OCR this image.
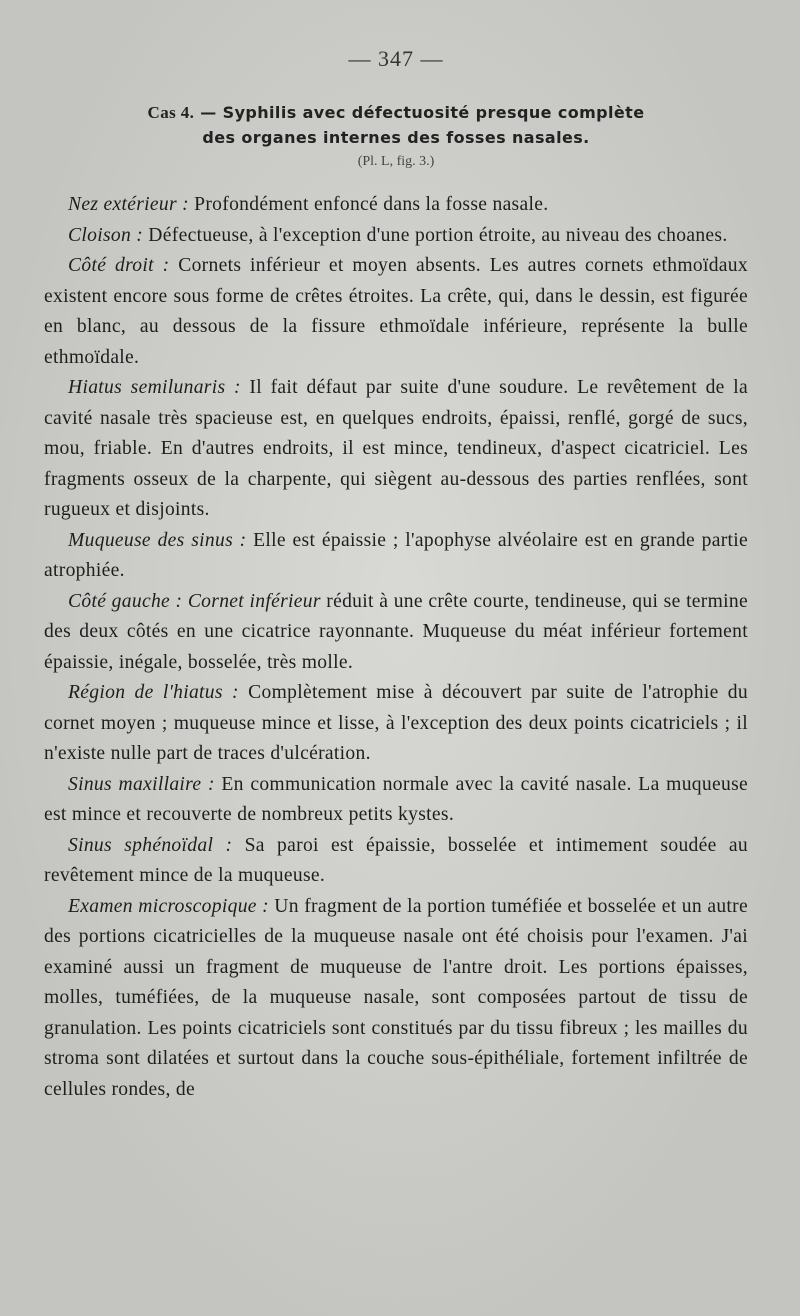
— 347 —

Cas 4. — Syphilis avec défectuosité presque complète

des organes internes des fosses nasales.

(Pl. L, fig. 3.)

Nez extérieur : Profondément enfoncé dans la fosse nasale.

Cloison : Défectueuse, à l'exception d'une portion étroite, au niveau des choanes.

Côté droit : Cornets inférieur et moyen absents. Les autres cornets ethmoïdaux existent encore sous forme de crêtes étroites. La crête, qui, dans le dessin, est figurée en blanc, au dessous de la fissure ethmoïdale inférieure, représente la bulle ethmoïdale.

Hiatus semilunaris : Il fait défaut par suite d'une soudure. Le revêtement de la cavité nasale très spacieuse est, en quelques endroits, épaissi, renflé, gorgé de sucs, mou, friable. En d'autres endroits, il est mince, tendineux, d'aspect cicatriciel. Les fragments osseux de la charpente, qui siègent au-dessous des parties renflées, sont rugueux et disjoints.

Muqueuse des sinus : Elle est épaissie ; l'apophyse alvéolaire est en grande partie atrophiée.

Côté gauche : Cornet inférieur réduit à une crête courte, tendineuse, qui se termine des deux côtés en une cicatrice rayonnante. Muqueuse du méat inférieur fortement épaissie, inégale, bosselée, très molle.

Région de l'hiatus : Complètement mise à découvert par suite de l'atrophie du cornet moyen ; muqueuse mince et lisse, à l'exception des deux points cicatriciels ; il n'existe nulle part de traces d'ulcération.

Sinus maxillaire : En communication normale avec la cavité nasale. La muqueuse est mince et recouverte de nombreux petits kystes.

Sinus sphénoïdal : Sa paroi est épaissie, bosselée et intimement soudée au revêtement mince de la muqueuse.

Examen microscopique : Un fragment de la portion tuméfiée et bosselée et un autre des portions cicatricielles de la muqueuse nasale ont été choisis pour l'examen. J'ai examiné aussi un fragment de muqueuse de l'antre droit. Les portions épaisses, molles, tuméfiées, de la muqueuse nasale, sont composées partout de tissu de granulation. Les points cicatriciels sont constitués par du tissu fibreux ; les mailles du stroma sont dilatées et surtout dans la couche sous-épithéliale, fortement infiltrée de cellules rondes, de
